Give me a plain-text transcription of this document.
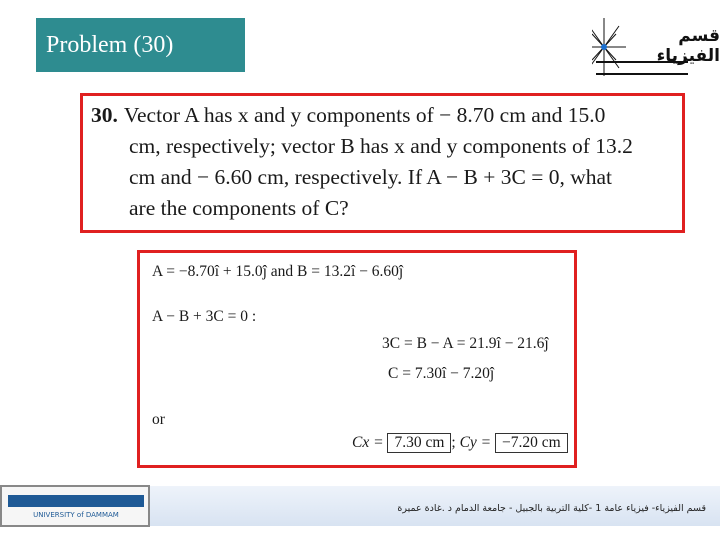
Problem (30)	قسم الفيزياء
30. Vector A has x and y components of − 8.70 cm and 15.0
cm, respectively; vector B has x and y components of 13.2
cm and − 6.60 cm, respectively. If A − B + 3C = 0, what
are the components of C?
A = −8.70î + 15.0ĵ and B = 13.2î − 6.60ĵ
A − B + 3C = 0 :
3C = B − A = 21.9î − 21.6ĵ
C = 7.30î − 7.20ĵ
or
Cx = 7.30 cm ; Cy = −7.20 cm
UNIVERSITY of DAMMAM
قسم الفيزياء- فيزياء عامة 1 -كلية التربية بالجبيل - جامعة الدمام د .غادة عميرة
